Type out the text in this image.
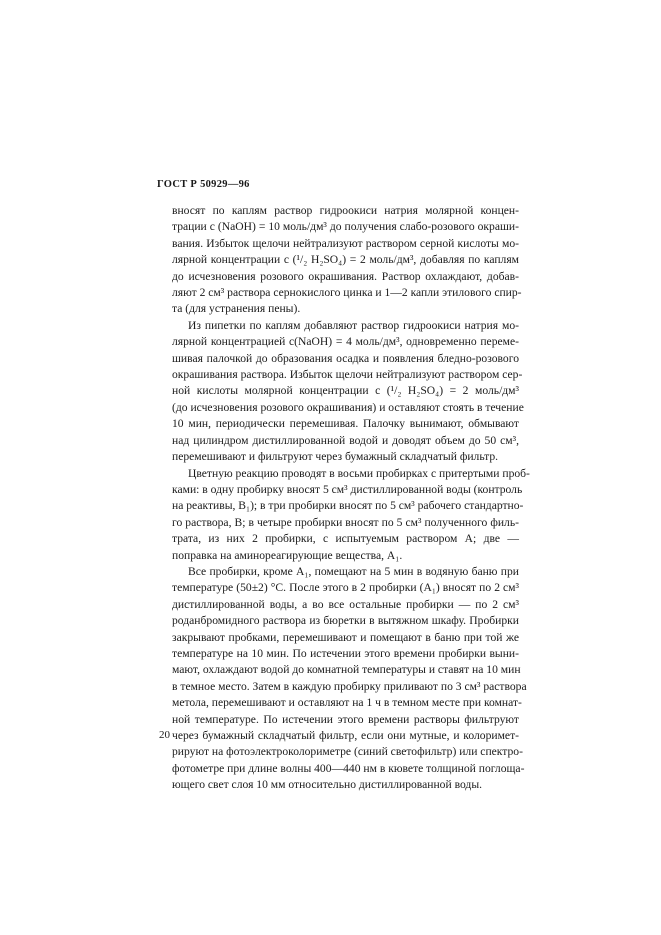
ГОСТ Р 50929—96

вносят по каплям раствор гидроокиси натрия молярной концен-
трации с (NaOH) = 10 моль/дм³ до получения слабо-розового окраши-
вания. Избыток щелочи нейтрализуют раствором серной кислоты мо-
лярной концентрации с (¹/₂ H₂SO₄) = 2 моль/дм³, добавляя по каплям
до исчезновения розового окрашивания. Раствор охлаждают, добав-
ляют 2 см³ раствора сернокислого цинка и 1—2 капли этилового спир-
та (для устранения пены).

Из пипетки по каплям добавляют раствор гидроокиси натрия мо-
лярной концентрацией с(NaOH) = 4 моль/дм³, одновременно переме-
шивая палочкой до образования осадка и появления бледно-розового
окрашивания раствора. Избыток щелочи нейтрализуют раствором сер-
ной кислоты молярной концентрации с (¹/₂ H₂SO₄) = 2 моль/дм³
(до исчезновения розового окрашивания) и оставляют стоять в течение
10 мин, периодически перемешивая. Палочку вынимают, обмывают
над цилиндром дистиллированной водой и доводят объем до 50 см³,
перемешивают и фильтруют через бумажный складчатый фильтр.

Цветную реакцию проводят в восьми пробирках с притертыми проб-
ками: в одну пробирку вносят 5 см³ дистиллированной воды (контроль
на реактивы, B₁); в три пробирки вносят по 5 см³ рабочего стандартно-
го раствора, B; в четыре пробирки вносят по 5 см³ полученного филь-
трата, из них 2 пробирки, с испытуемым раствором А; две —
поправка на аминореагирующие вещества, A₁.

Все пробирки, кроме A₁, помещают на 5 мин в водяную баню при
температуре (50±2) °C. После этого в 2 пробирки (A₁) вносят по 2 см³
дистиллированной воды, а во все остальные пробирки — по 2 см³
роданбромидного раствора из бюретки в вытяжном шкафу. Пробирки
закрывают пробками, перемешивают и помещают в баню при той же
температуре на 10 мин. По истечении этого времени пробирки выни-
мают, охлаждают водой до комнатной температуры и ставят на 10 мин
в темное место. Затем в каждую пробирку приливают по 3 см³ раствора
метола, перемешивают и оставляют на 1 ч в темном месте при комнат-
ной температуре. По истечении этого времени растворы фильтруют
через бумажный складчатый фильтр, если они мутные, и колоримет-
рируют на фотоэлектроколориметре (синий светофильтр) или спектро-
фотометре при длине волны 400—440 нм в кювете толщиной поглоща-
ющего свет слоя 10 мм относительно дистиллированной воды.

20
